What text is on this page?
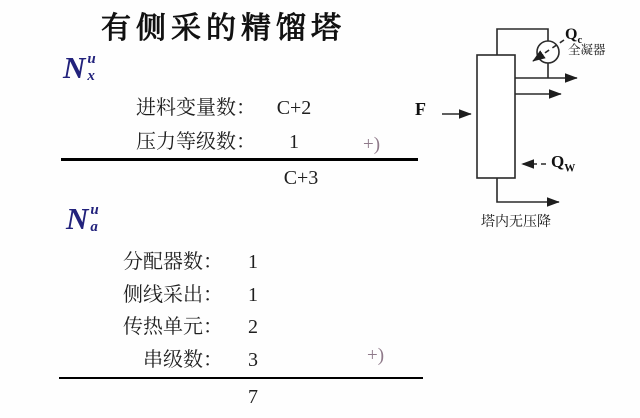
有侧采的精馏塔
N u
x
进料变量数：	C+2
压力等级数：	1	+)
C+3
N u
a
分配器数：	1
侧线采出：	1
传热单元：	2
串级数：	3	+)
7
F
$Q_c$
全凝器
$Q_W$
塔内无压降
